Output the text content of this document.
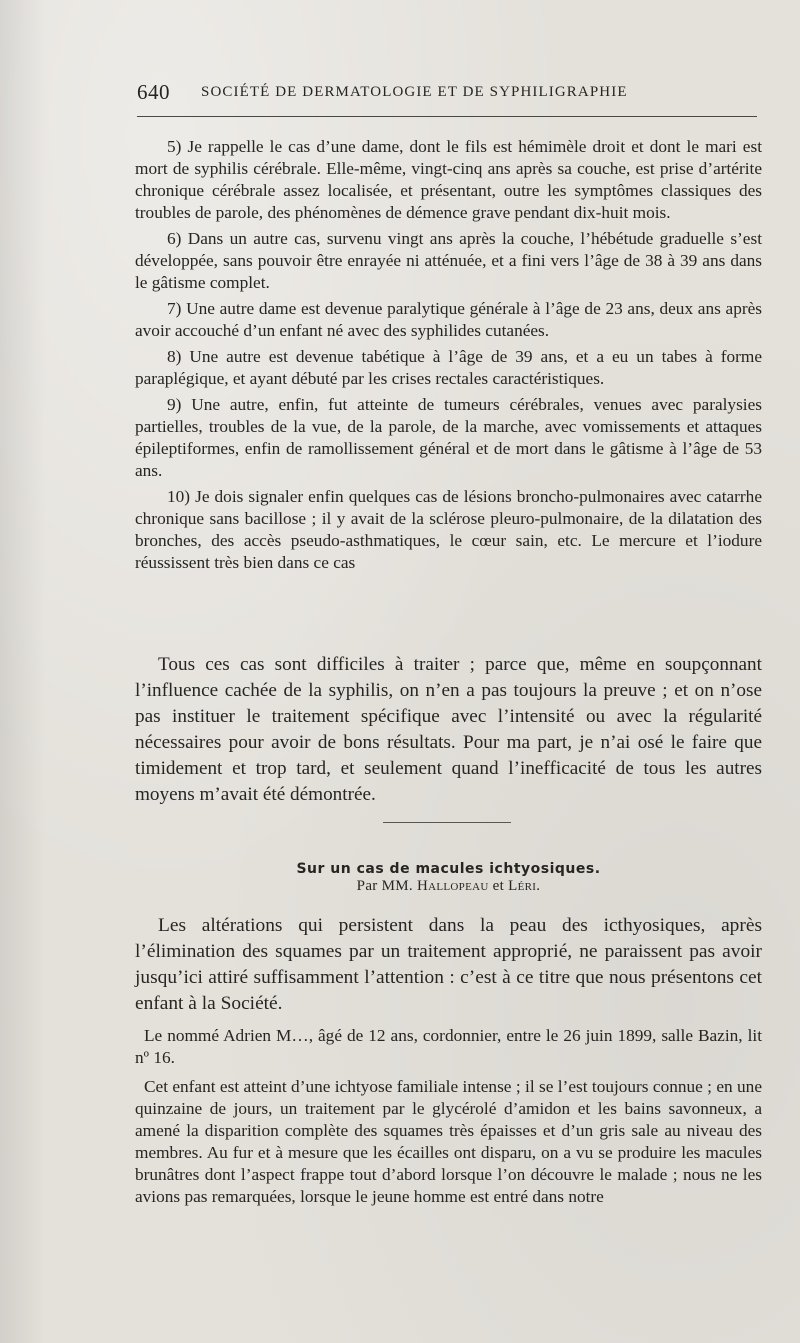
640 SOCIÉTÉ DE DERMATOLOGIE ET DE SYPHILIGRAPHIE

5) Je rappelle le cas d’une dame, dont le fils est hémimèle droit et dont le mari est mort de syphilis cérébrale. Elle-même, vingt-cinq ans après sa couche, est prise d’artérite chronique cérébrale assez localisée, et présentant, outre les symptômes classiques des troubles de parole, des phénomènes de démence grave pendant dix-huit mois.

6) Dans un autre cas, survenu vingt ans après la couche, l’hébétude graduelle s’est développée, sans pouvoir être enrayée ni atténuée, et a fini vers l’âge de 38 à 39 ans dans le gâtisme complet.

7) Une autre dame est devenue paralytique générale à l’âge de 23 ans, deux ans après avoir accouché d’un enfant né avec des syphilides cutanées.

8) Une autre est devenue tabétique à l’âge de 39 ans, et a eu un tabes à forme paraplégique, et ayant débuté par les crises rectales caractéristiques.

9) Une autre, enfin, fut atteinte de tumeurs cérébrales, venues avec paralysies partielles, troubles de la vue, de la parole, de la marche, avec vomissements et attaques épileptiformes, enfin de ramollissement général et de mort dans le gâtisme à l’âge de 53 ans.

10) Je dois signaler enfin quelques cas de lésions broncho-pulmonaires avec catarrhe chronique sans bacillose ; il y avait de la sclérose pleuro-pulmonaire, de la dilatation des bronches, des accès pseudo-asthmatiques, le cœur sain, etc. Le mercure et l’iodure réussissent très bien dans ce cas

Tous ces cas sont difficiles à traiter ; parce que, même en soupçonnant l’influence cachée de la syphilis, on n’en a pas toujours la preuve ; et on n’ose pas instituer le traitement spécifique avec l’intensité ou avec la régularité nécessaires pour avoir de bons résultats. Pour ma part, je n’ai osé le faire que timidement et trop tard, et seulement quand l’inefficacité de tous les autres moyens m’avait été démontrée.

Sur un cas de macules ichtyosiques.
Par MM. Hallopeau et Léri.

Les altérations qui persistent dans la peau des icthyosiques, après l’élimination des squames par un traitement approprié, ne paraissent pas avoir jusqu’ici attiré suffisamment l’attention : c’est à ce titre que nous présentons cet enfant à la Société.

Le nommé Adrien M…, âgé de 12 ans, cordonnier, entre le 26 juin 1899, salle Bazin, lit nº 16.

Cet enfant est atteint d’une ichtyose familiale intense ; il se l’est toujours connue ; en une quinzaine de jours, un traitement par le glycérolé d’amidon et les bains savonneux, a amené la disparition complète des squames très épaisses et d’un gris sale au niveau des membres. Au fur et à mesure que les écailles ont disparu, on a vu se produire les macules brunâtres dont l’aspect frappe tout d’abord lorsque l’on découvre le malade ; nous ne les avions pas remarquées, lorsque le jeune homme est entré dans notre
